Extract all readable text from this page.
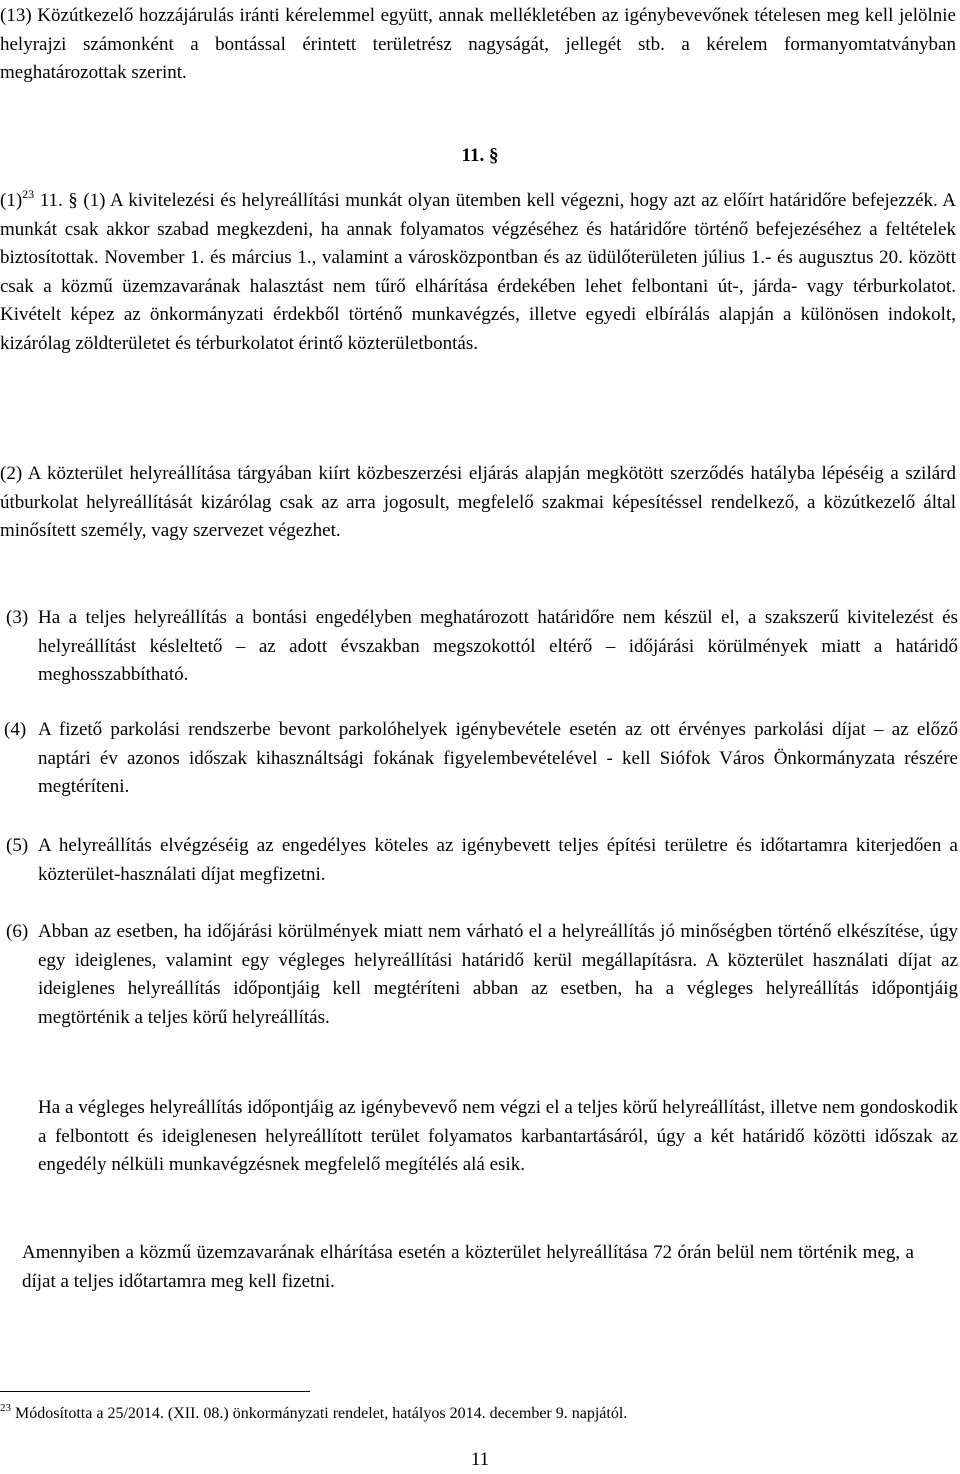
(13) Közútkezelő hozzájárulás iránti kérelemmel együtt, annak mellékletében az igénybevevőnek tételesen meg kell jelölnie helyrajzi számonként a bontással érintett területrész nagyságát, jellegét stb. a kérelem formanyomtatványban meghatározottak szerint.

11. §

$(1)^{23}$ 11. § (1) A kivitelezési és helyreállítási munkát olyan ütemben kell végezni, hogy azt az előírt határidőre befejezzék. A munkát csak akkor szabad megkezdeni, ha annak folyamatos végzéséhez és határidőre történő befejezéséhez a feltételek biztosítottak. November 1. és március 1., valamint a városközpontban és az üdülőterületen július 1.- és augusztus 20. között csak a közmű üzemzavarának halasztást nem tűrő elhárítása érdekében lehet felbontani út-, járda- vagy térburkolatot. Kivételt képez az önkormányzati érdekből történő munkavégzés, illetve egyedi elbírálás alapján a különösen indokolt, kizárólag zöldterületet és térburkolatot érintő közterületbontás.

(2) A közterület helyreállítása tárgyában kiírt közbeszerzési eljárás alapján megkötött szerződés hatályba lépéséig a szilárd útburkolat helyreállítását kizárólag csak az arra jogosult, megfelelő szakmai képesítéssel rendelkező, a közútkezelő által minősített személy, vagy szervezet végezhet.

(3) Ha a teljes helyreállítás a bontási engedélyben meghatározott határidőre nem készül el, a szakszerű kivitelezést és helyreállítást késleltető – az adott évszakban megszokottól eltérő – időjárási körülmények miatt a határidő meghosszabbítható.

(4) A fizető parkolási rendszerbe bevont parkolóhelyek igénybevétele esetén az ott érvényes parkolási díjat – az előző naptári év azonos időszak kihasználtsági fokának figyelembevételével - kell Siófok Város Önkormányzata részére megtéríteni.

(5) A helyreállítás elvégzéséig az engedélyes köteles az igénybevett teljes építési területre és időtartamra kiterjedően a közterület-használati díjat megfizetni.

(6) Abban az esetben, ha időjárási körülmények miatt nem várható el a helyreállítás jó minőségben történő elkészítése, úgy egy ideiglenes, valamint egy végleges helyreállítási határidő kerül megállapításra. A közterület használati díjat az ideiglenes helyreállítás időpontjáig kell megtéríteni abban az esetben, ha a végleges helyreállítás időpontjáig megtörténik a teljes körű helyreállítás.

Ha a végleges helyreállítás időpontjáig az igénybevevő nem végzi el a teljes körű helyreállítást, illetve nem gondoskodik a felbontott és ideiglenesen helyreállított terület folyamatos karbantartásáról, úgy a két határidő közötti időszak az engedély nélküli munkavégzésnek megfelelő megítélés alá esik.

Amennyiben a közmű üzemzavarának elhárítása esetén a közterület helyreállítása 72 órán belül nem történik meg, a díjat a teljes időtartamra meg kell fizetni.

$^{23}$ Módosította a 25/2014. (XII. 08.) önkormányzati rendelet, hatályos 2014. december 9. napjától.
11
